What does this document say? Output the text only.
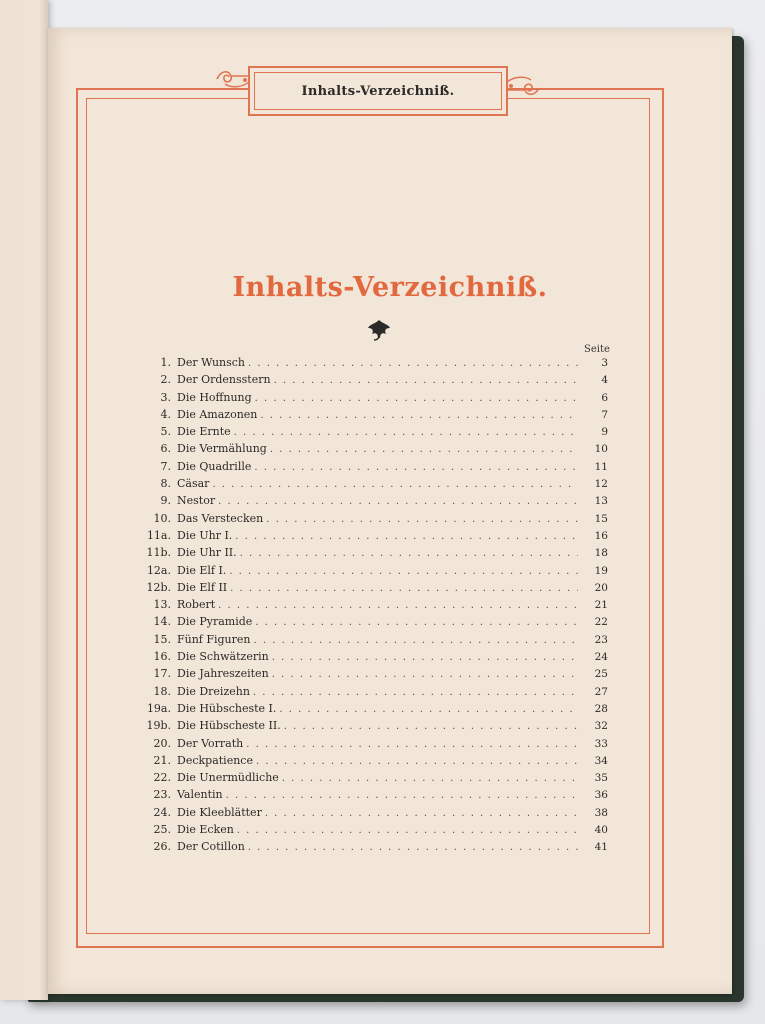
Inhalts-Verzeichniß.
Inhalts-Verzeichniß.
Seite
1. Der Wunsch . . .	3
2. Der Ordensstern . . .	4
3. Die Hoffnung . . .	6
4. Die Amazonen . . .	7
5. Die Ernte . . .	9
6. Die Vermählung . . .	10
7. Die Quadrille . . .	11
8. Cäsar . . .	12
9. Nestor . . .	13
10. Das Verstecken . . .	15
11a. Die Uhr I. . . .	16
11b. Die Uhr II. . . .	18
12a. Die Elf I. . . .	19
12b. Die Elf II . . .	20
13. Robert . . .	21
14. Die Pyramide . . .	22
15. Fünf Figuren . . .	23
16. Die Schwätzerin . . .	24
17. Die Jahreszeiten . . .	25
18. Die Dreizehn . . .	27
19a. Die Hübscheste I. . . .	28
19b. Die Hübscheste II. . . .	32
20. Der Vorrath . . .	33
21. Deckpatience . . .	34
22. Die Unermüdliche . . .	35
23. Valentin . . .	36
24. Die Kleeblätter . . .	38
25. Die Ecken . . .	40
26. Der Cotillon . . .	41
